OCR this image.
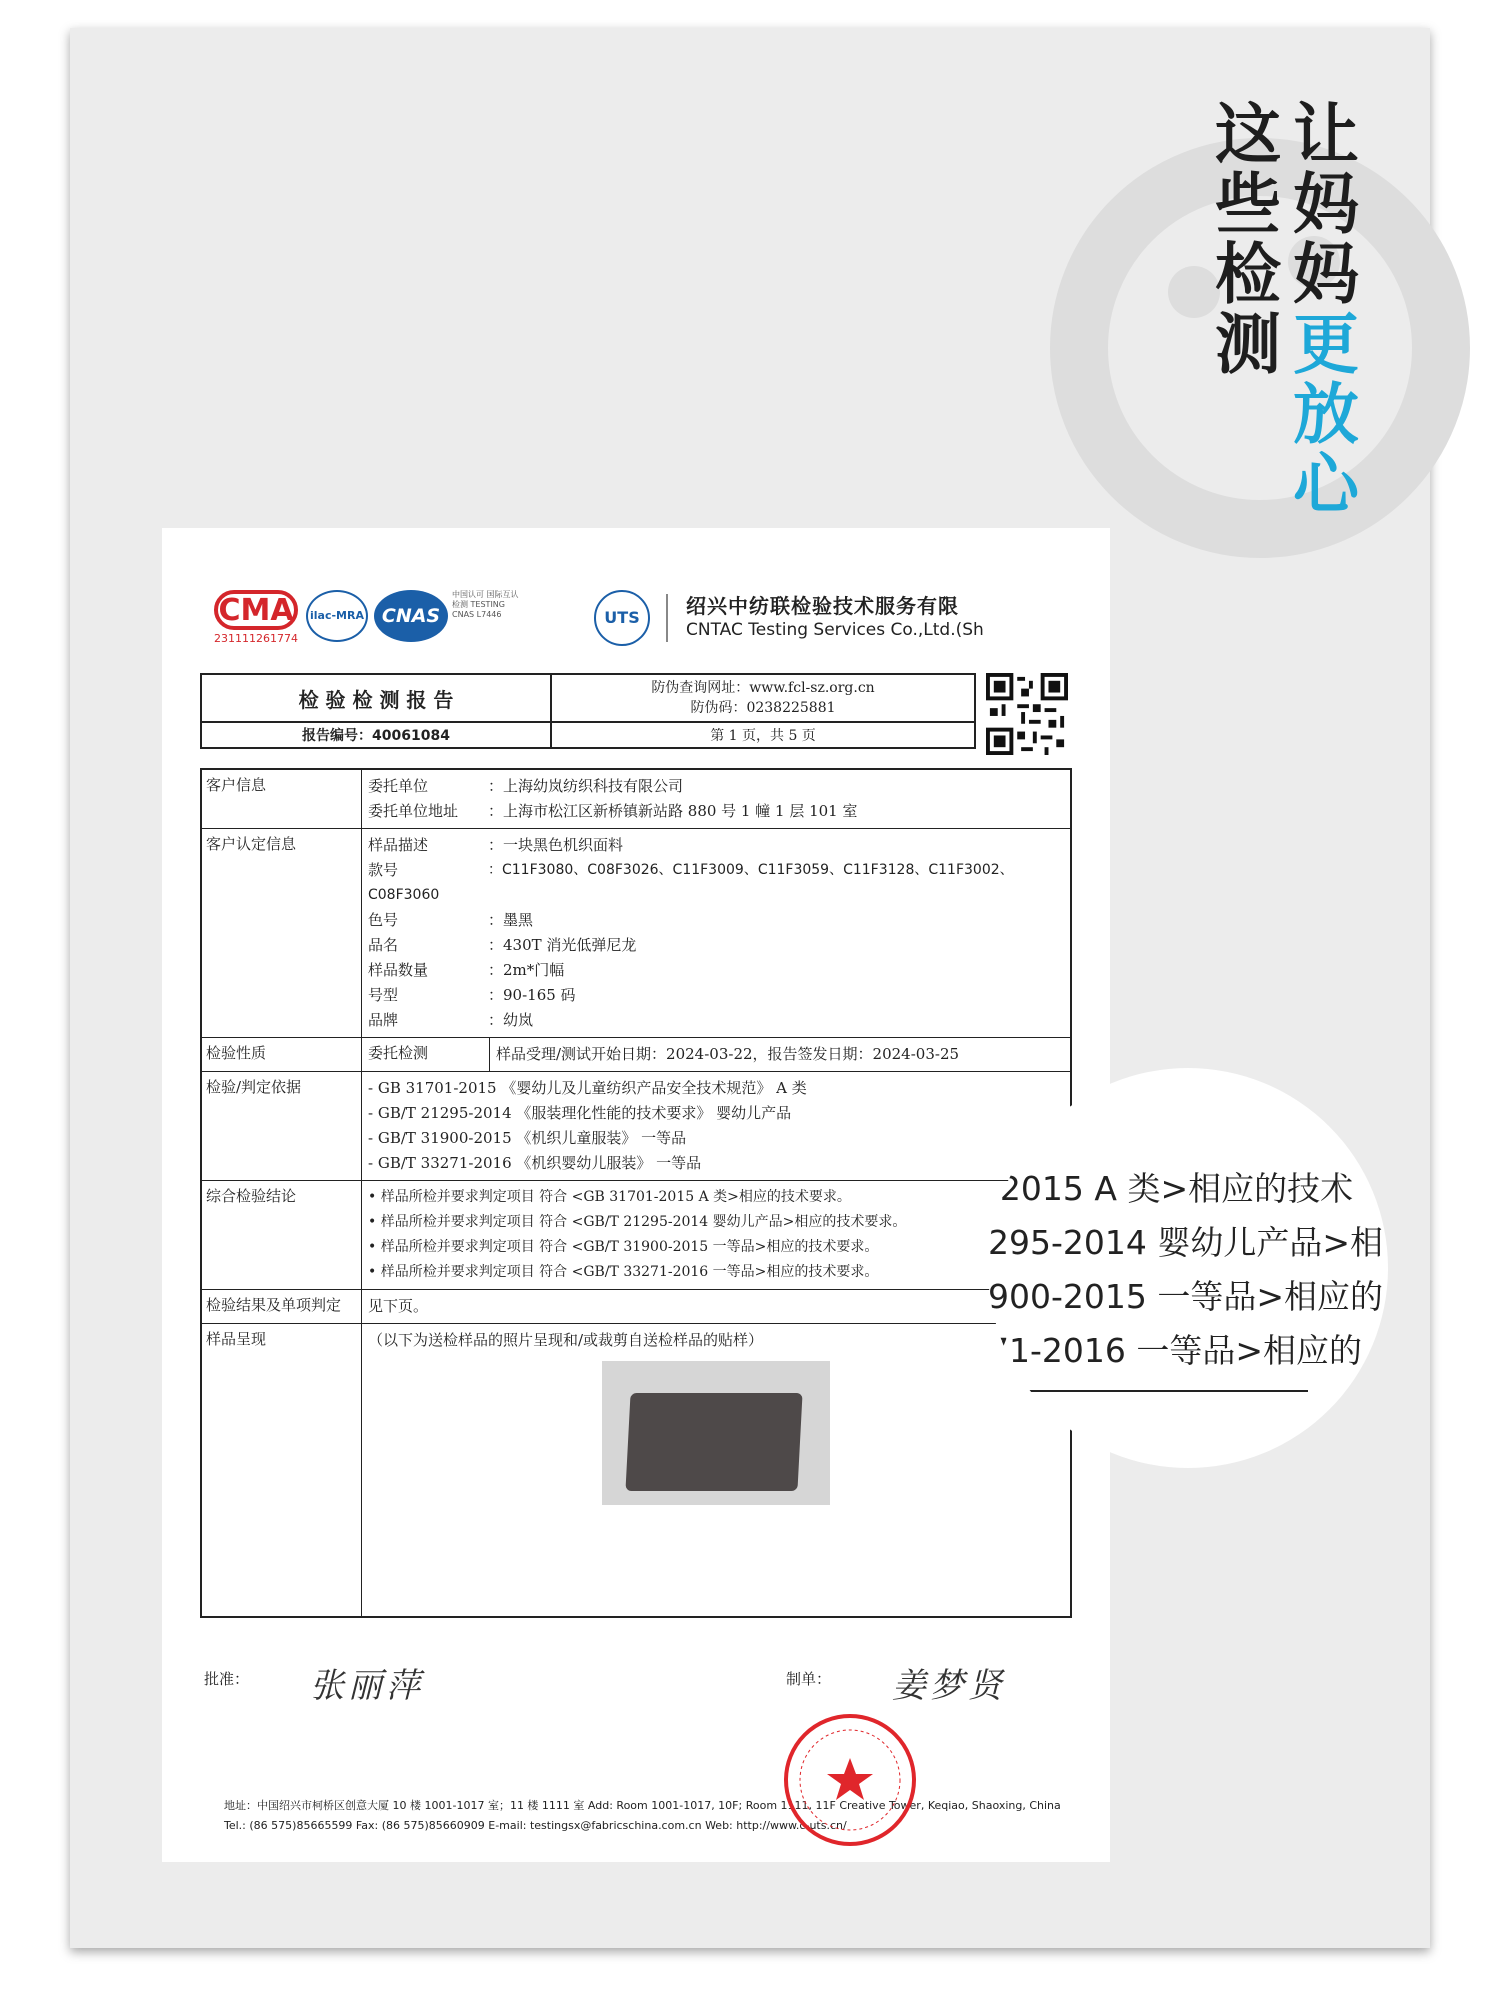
这
些
检
测
让
妈
妈
更
放
心
CMA
231111261774
ilac-MRA CNAS
中国认可 国际互认 检测 TESTING CNAS L7446	UTS	绍兴中纺联检验技术服务有限
CNTAC Testing Services Co.,Ltd.(Sh
检 验 检 测 报 告	防伪查询网址：www.fcl-sz.org.cn
防伪码：0238225881

报告编号：40061084	第 1 页，共 5 页
客户信息	委托单位	：上海幼岚纺织科技有限公司
委托单位地址	：上海市松江区新桥镇新站路 880 号 1 幢 1 层 101 室
客户认定信息	样品描述	：一块黑色机织面料
款号	：C11F3080、C08F3026、C11F3009、C11F3059、C11F3128、C11F3002、
C08F3060
色号	：墨黑
品名	：430T 消光低弹尼龙
样品数量	：2m*门幅
号型	：90-165 码
品牌	：幼岚
检验性质	委托检测	样品受理/测试开始日期：2024-03-22，报告签发日期：2024-03-25
检验/判定依据	- GB 31701-2015 《婴幼儿及儿童纺织产品安全技术规范》 A 类
- GB/T 21295-2014 《服装理化性能的技术要求》 婴幼儿产品
- GB/T 31900-2015 《机织儿童服装》 一等品
- GB/T 33271-2016 《机织婴幼儿服装》 一等品
综合检验结论	• 样品所检并要求判定项目 符合 <GB 31701-2015 A 类>相应的技术要求。
• 样品所检并要求判定项目 符合 <GB/T 21295-2014 婴幼儿产品>相应的技术要求。
• 样品所检并要求判定项目 符合 <GB/T 31900-2015 一等品>相应的技术要求。
• 样品所检并要求判定项目 符合 <GB/T 33271-2016 一等品>相应的技术要求。
检验结果及单项判定	见下页。
样品呈现	（以下为送检样品的照片呈现和/或裁剪自送检样品的贴样）
批准： 张丽萍	制单： 姜梦贤
地址：中国绍兴市柯桥区创意大厦 10 楼 1001-1017 室；11 楼 1111 室 Add: Room 1001-1017, 10F; Room 1111, 11F Creative Tower, Keqiao, Shaoxing, China
Tel.: (86 575)85665599 Fax: (86 575)85660909 E-mail: testingsx@fabricschina.com.cn Web: http://www.c-uts.cn/
-2015 A 类>相应的技术
295-2014 婴幼儿产品>相
900-2015 一等品>相应的
71-2016 一等品>相应的
